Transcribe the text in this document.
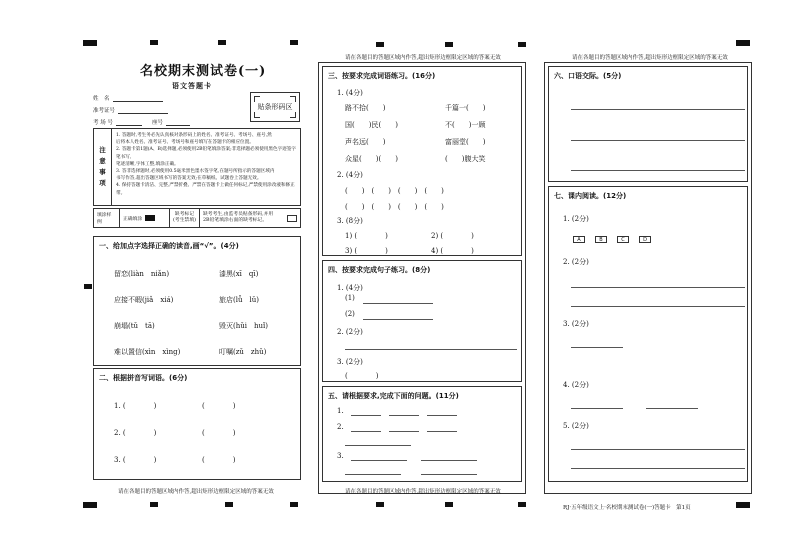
请在各题目的答题区域内作答,超出矩形边框限定区域的答案无效	请在各题目的答题区域内作答,超出矩形边框限定区域的答案无效
名校期末测试卷(一)
语文答题卡
姓　名
准考证号
考 场 号	座号
贴条形码区
注
意
事
项
1. 答题时,考生务必先认真核对条形码上的姓名、准考证号、考场号、座号,然
后将本人姓名、准考证号、考场号和座号填写在答题卡的相应位置。
2. 答题卡第1题(A、B)选择题,必须使用2B铅笔填涂答案;非选择题必须使用黑色字迹签字笔书写,
笔迹清晰,字体工整,填涂正确。
3. 答非选择题时,必须使用0.5毫米黑色墨水签字笔,在题号所指示的答题区域内
书写作答,超出答题区域书写的答案无效;在草稿纸、试题卷上答题无效。
4. 保持答题卡清洁、完整,严禁折叠、严禁在答题卡上做任何标记,严禁使用涂改液和修正带。
填涂样例
正确填涂
缺考标记
(考生禁填)
缺考考生,由监考员贴条形码,并用
2B铅笔填涂右面的缺考标记。
一、给加点字选择正确的读音,画“√”。(4分)
留恋(liàn　niǎn)	漆黑(xī　qī)
应接不暇(jiǎ　xiá)	旅店(lǚ　lǔ)
崩塌(tǔ　tā)	毁灭(hǔi　huǐ)
难以置信(xìn　xìng)	叮嘱(zǔ　zhǔ)
二、根据拼音写词语。(6分)
1. (　　　　)	(　　　　)
2. (　　　　)	(　　　　)
3. (　　　　)	(　　　　)
请在各题目的答题区域内作答,超出矩形边框限定区域的答案无效
三、按要求完成词语练习。(16分)
1. (4分)
路不拾(　　)	千篇一(　　)
国(　　)民(　　)	不(　　)一顾
声名远(　　)	富丽堂(　　)
众星(　　)(　　)	(　　)腹大笑
2. (4分)
(　　)　(　　)　(　　)　(　　)
(　　)　(　　)　(　　)　(　　)
3. (8分)
1) (　　　　)	2) (　　　　)
3) (　　　　)	4) (　　　　)
四、按要求完成句子练习。(8分)
1. (4分)
(1)
(2)
2. (2分)
3. (2分)
(　　　　)
五、请根据要求,完成下面的问题。(11分)
1.
2.
3.
请在各题目的答题区域内作答,超出矩形边框限定区域的答案无效
六、口语交际。(5分)
七、课内阅读。(12分)
1. (2分)
A	B	C	D
2. (2分)
3. (2分)
4. (2分)
5. (2分)
RJ·五年级语文上·名校期末测试卷(一)答题卡　第1页
